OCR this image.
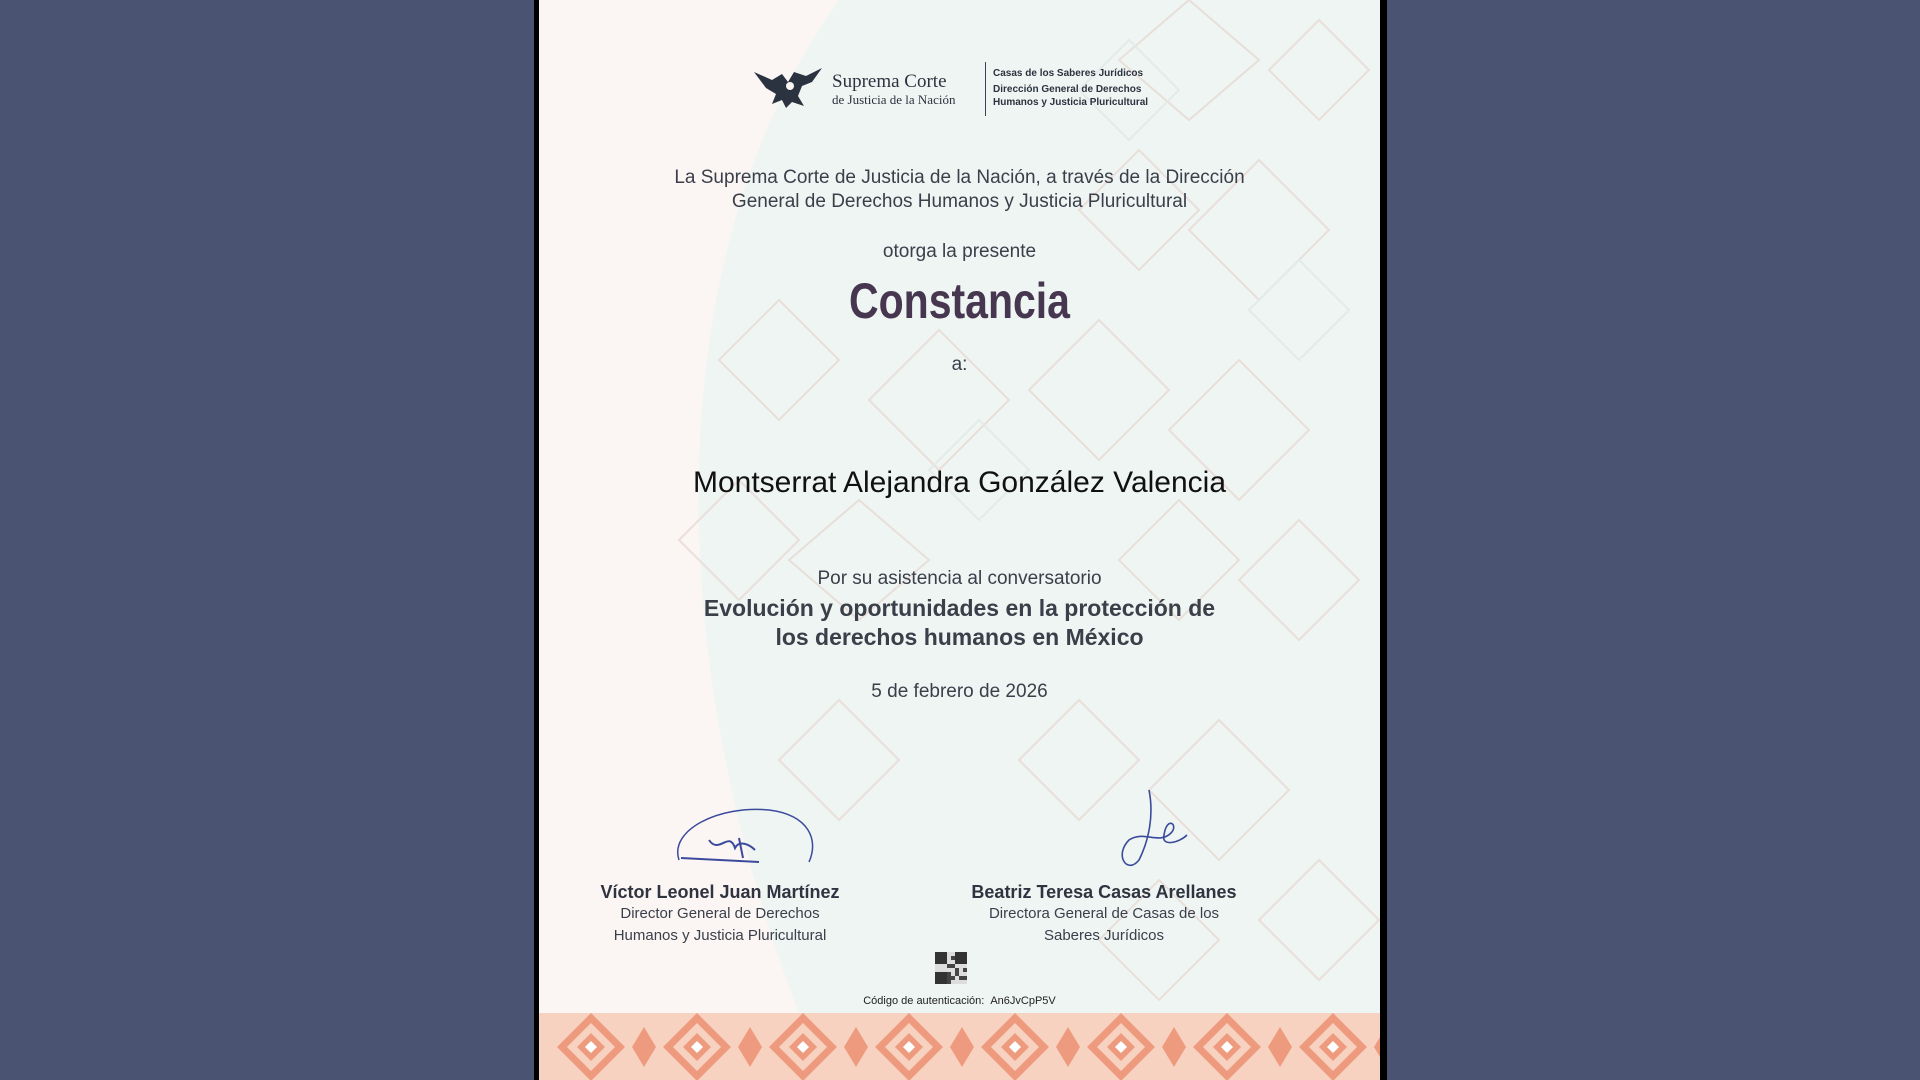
Suprema Corte
de Justicia de la Nación
Casas de los Saberes Jurídicos
Dirección General de Derechos
Humanos y Justicia Pluricultural
La Suprema Corte de Justicia de la Nación, a través de la Dirección
General de Derechos Humanos y Justicia Pluricultural
otorga la presente
Constancia
a:
Montserrat Alejandra González Valencia
Por su asistencia al conversatorio
Evolución y oportunidades en la protección de
los derechos humanos en México
5 de febrero de 2026
Víctor Leonel Juan Martínez
Director General de Derechos
Humanos y Justicia Pluricultural
Beatriz Teresa Casas Arellanes
Directora General de Casas de los
Saberes Jurídicos
Código de autenticación: An6JvCpP5V
